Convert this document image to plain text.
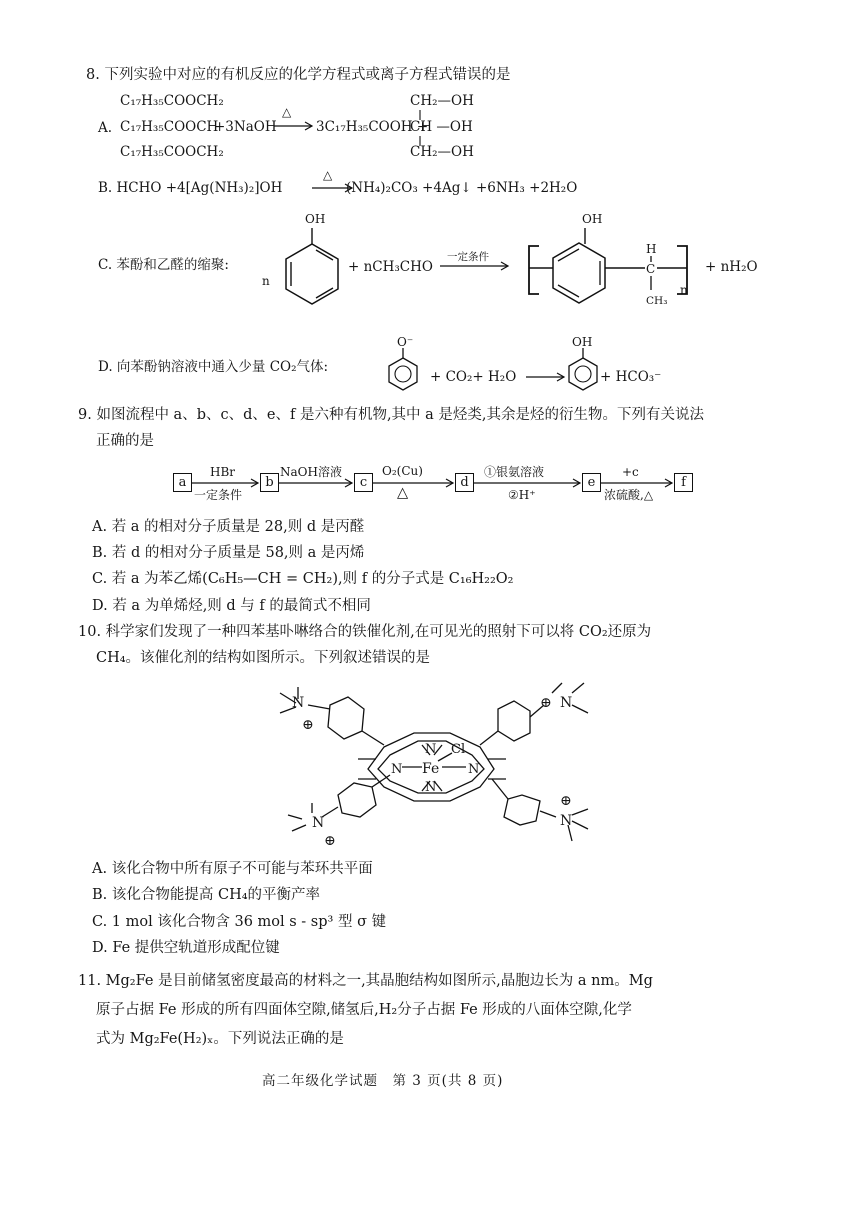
8. 下列实验中对应的有机反应的化学方程式或离子方程式错误的是
A.
C₁₇H₃₅COOCH₂
C₁₇H₃₅COOCH
C₁₇H₃₅COOCH₂
+3NaOH
△
3C₁₇H₃₅COOH +
CH₂—OH
CH —OH
CH₂—OH
B. HCHO +4[Ag(NH₃)₂]OH
△
(NH₄)₂CO₃ +4Ag↓ +6NH₃ +2H₂O
C. 苯酚和乙醛的缩聚:
n
OH
+ nCH₃CHO
一定条件
OH
H
C
CH₃
n
+ nH₂O
D. 向苯酚钠溶液中通入少量 CO₂气体:
O⁻
+ CO₂+ H₂O
OH
+ HCO₃⁻
9. 如图流程中 a、b、c、d、e、f 是六种有机物,其中 a 是烃类,其余是烃的衍生物。下列有关说法
正确的是
a	b	c	d	e	f
HBr
一定条件
NaOH溶液	O₂(Cu)
△
①银氨溶液
②H⁺
+c
浓硫酸,△
A. 若 a 的相对分子质量是 28,则 d 是丙醛
B. 若 d 的相对分子质量是 58,则 a 是丙烯
C. 若 a 为苯乙烯(C₆H₅—CH = CH₂),则 f 的分子式是 C₁₆H₂₂O₂
D. 若 a 为单烯烃,则 d 与 f 的最简式不相同
10. 科学家们发现了一种四苯基卟啉络合的铁催化剂,在可见光的照射下可以将 CO₂还原为
CH₄。该催化剂的结构如图所示。下列叙述错误的是
N
⊕
⊕ N
N
⊕
⊕
N
N
N	N
N
Fe
Cl
A. 该化合物中所有原子不可能与苯环共平面
B. 该化合物能提高 CH₄的平衡产率
C. 1 mol 该化合物含 36 mol s - sp³ 型 σ 键
D. Fe 提供空轨道形成配位键
11. Mg₂Fe 是目前储氢密度最高的材料之一,其晶胞结构如图所示,晶胞边长为 a nm。Mg
原子占据 Fe 形成的所有四面体空隙,储氢后,H₂分子占据 Fe 形成的八面体空隙,化学
式为 Mg₂Fe(H₂)ₓ。下列说法正确的是
高二年级化学试题　第 3 页(共 8 页)
